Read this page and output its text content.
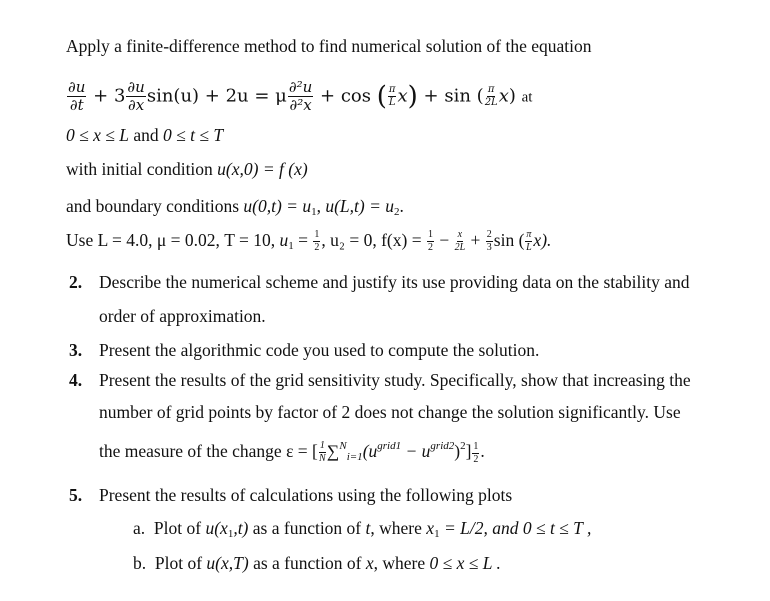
Apply a finite-difference method to find numerical solution of the equation
$\frac{\partial u}{\partial t} + 3 \frac{\partial u}{\partial x} \sin(u) + 2u = \mu \frac{\text{∂²u}}{\text{∂²x}} + \cos$ ( $\frac{\pi}{L} x) + \sin$ ( $\frac{\pi}{2L} x$) at
0 ≤ x ≤ L and 0 ≤ t ≤ T
with initial condition u(x,0) = f (x)
and boundary conditions $u(0,t) = u_1$, $u(L,t) = u_2$.
Use L = 4.0, μ = 0.02, T = 10, $u_1 = \frac{1}{2}$ , u₂ = 0, $f(x) = \frac{1}{2} - \frac{x}{2L} + \frac{2}{3}$ sin ( $\frac{\pi}{L} x$).
2. Describe the numerical scheme and justify its use providing data on the stability and
order of approximation.
3. Present the algorithmic code you used to compute the solution.
4. Present the results of the grid sensitivity study. Specifically, show that increasing the
number of grid points by factor of 2 does not change the solution significantly. Use
the measure of the change ε = [ $\frac{1}{N} \sum^N_{i=1}(u^{grid1} - u^{grid2})^2] \frac{1}{2}$ .
5. Present the results of calculations using the following plots
a. Plot of $u(x_1,t)$ as a function of t, where $x_1 = L/2$, and 0 ≤ t ≤ T ,
b. Plot of u(x,T) as a function of x, where 0 ≤ x ≤ L .
